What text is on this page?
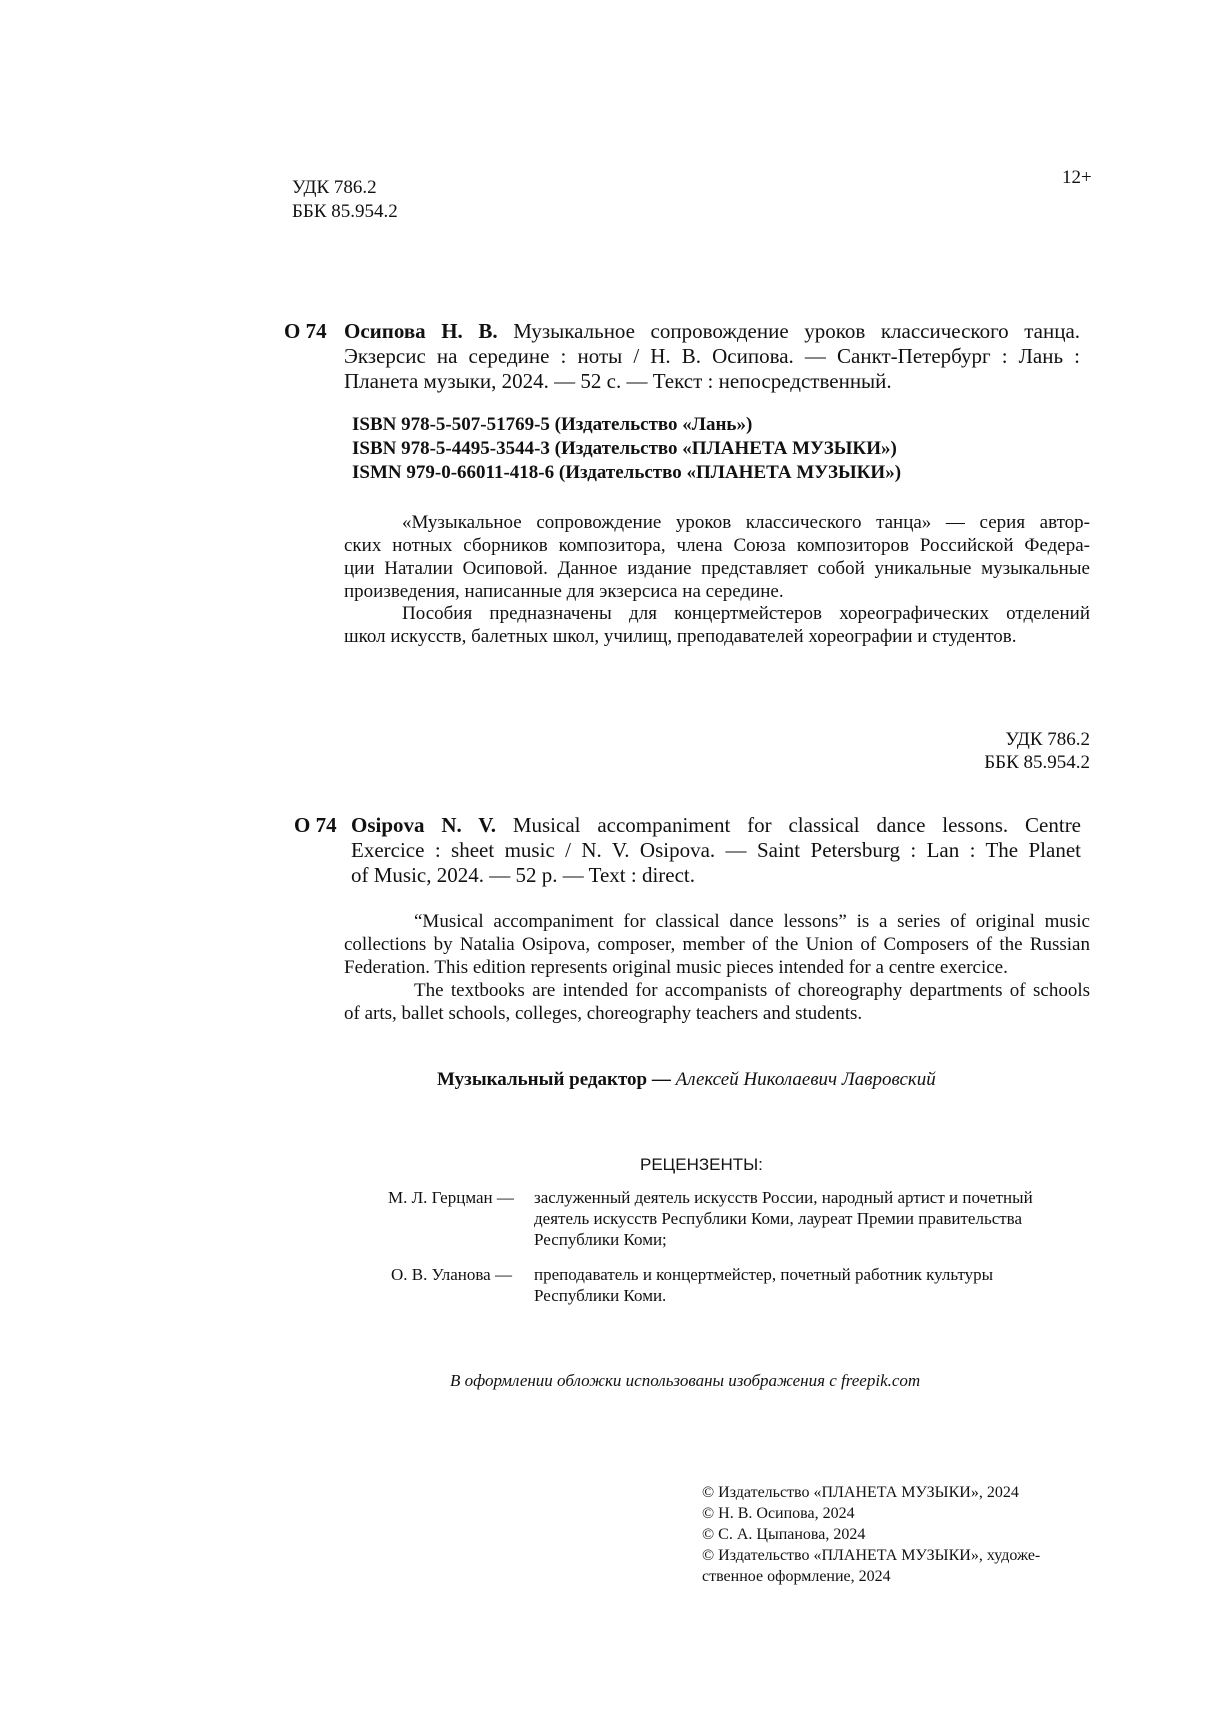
УДК 786.2
ББК 85.954.2
12+
О 74 Осипова Н. В. Музыкальное сопровождение уроков классического танца.
Экзерсис на середине : ноты / Н. В. Осипова. — Санкт-Петербург : Лань :
Планета музыки, 2024. — 52 с. — Текст : непосредственный.
ISBN 978-5-507-51769-5 (Издательство «Лань»)
ISBN 978-5-4495-3544-3 (Издательство «ПЛАНЕТА МУЗЫКИ»)
ISMN 979-0-66011-418-6 (Издательство «ПЛАНЕТА МУЗЫКИ»)
«Музыкальное сопровождение уроков классического танца» — серия автор-
ских нотных сборников композитора, члена Союза композиторов Российской Федера-
ции Наталии Осиповой. Данное издание представляет собой уникальные музыкальные
произведения, написанные для экзерсиса на середине.
Пособия предназначены для концертмейстеров хореографических отделений
школ искусств, балетных школ, училищ, преподавателей хореографии и студентов.
УДК 786.2
ББК 85.954.2
О 74 Osipova N. V. Musical accompaniment for classical dance lessons. Centre
Exercice : sheet music / N. V. Osipova. — Saint Petersburg : Lan : The Planet
of Music, 2024. — 52 p. — Text : direct.
“Musical accompaniment for classical dance lessons” is a series of original music
collections by Natalia Osipova, composer, member of the Union of Composers of the Russian
Federation. This edition represents original music pieces intended for a centre exercice.
The textbooks are intended for accompanists of choreography departments of schools
of arts, ballet schools, colleges, choreography teachers and students.
Музыкальный редактор — Алексей Николаевич Лавровский
РЕЦЕНЗЕНТЫ:
М. Л. Герцман — заслуженный деятель искусств России, народный артист и почетный
деятель искусств Республики Коми, лауреат Премии правительства
Республики Коми;
О. В. Уланова — преподаватель и концертмейстер, почетный работник культуры
Республики Коми.
В оформлении обложки использованы изображения с freepik.com
© Издательство «ПЛАНЕТА МУЗЫКИ», 2024
© Н. В. Осипова, 2024
© С. А. Цыпанова, 2024
© Издательство «ПЛАНЕТА МУЗЫКИ», художе-
ственное оформление, 2024
